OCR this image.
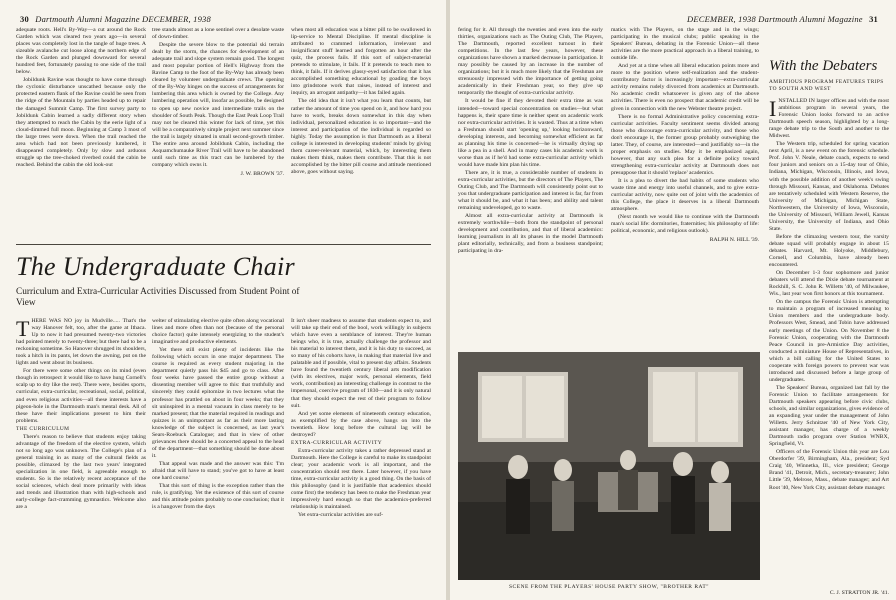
30 Dartmouth Alumni Magazine DECEMBER, 1938

adequate roots. Hell's By-Way—a cut around the Rock Garden which was cleared two years ago—in several places was completely lost in the tangle of huge trees. A sizeable avalanche cut loose along the northern edge of the Rock Garden and plunged downward for several hundred feet, fortunately passing to one side of the trail below.

Jobildunk Ravine was thought to have come through the cyclonic disturbance unscathed because only the protected eastern flank of the Ravine could be seen from the ridge of the Mountain by parties headed up to repair the damaged Summit Camp. The first survey party to Jobildunk Cabin learned a sadly different story when they attempted to reach the Cabin by the eerie light of a cloud-dimmed full moon. Beginning at Camp 3 most of the large trees were down. When the trail reached the area which had not been previously lumbered, it disappeared completely. Only by slow and arduous struggle up the tree-choked riverbed could the cabin be reached. Behind the cabin the old look-out

tree stands almost as a lone sentinel over a desolate waste of down-timber.

Despite the severe blow to the potential ski terrain dealt by the storm, the chances for development of an adequate trail and slope system remain good. The longest and most popular portion of Hell's Highway from the Ravine Camp to the foot of the By-Way has already been cleared by volunteer undergraduate crews. The opening of the By-Way hinges on the success of arrangements for lumbering this area which is owned by the College. Any lumbering operation will, insofar as possible, be designed to open up new novice and intermediate trails on the shoulder of South Peak. Though the East Peak Loop Trail may not be cleared this winter for lack of time, yet this will be a comparatively simple project next summer since the trail is largely situated in small second-growth timber. The entire area around Jobildunk Cabin, including the Asquamchumauke River Trail will have to be abandoned until such time as this tract can be lumbered by the company which owns it.

J. W. BROWN '37.

when most all education was a bitter pill to be swallowed in lip-service to Mental Discipline. If mental discipline is attributed to crammed information, irrelevant and insignificant stuff learned and forgotten an hour after the quiz, the process fails. If this sort of subject-material pretends to stimulate, it fails. If it pretends to teach men to think, it fails. If it derives glassy-eyed satisfaction that it has accomplished something educational by goading the boys into grindstone work that raises, instead of interest and inquiry, an arrogant antipathy—it has failed again.

The old idea that it isn't what you learn that counts, but rather the amount of time you spend on it, and how hard you have to work, breaks down somewhat in this day when individual, personalized education is so important—and the interest and participation of the individual is regarded so highly. Today the assumption is that Dartmouth as a liberal college is interested in developing students' minds by giving them career-relevant material, which, by interesting them makes them think, makes them contribute. That this is not accomplished by the bitter pill course and attitude mentioned above, goes without saying.

The Undergraduate Chair
Curriculum and Extra-Curricular Activities Discussed from Student Point of View

THERE WAS NO joy in Mudville..... That's the way Hanover felt, too, after the game at Ithaca. Up to now it had presumed twenty-two victories had pointed merely to twenty-three; but there had to be a reckoning sometime. So Hanover shrugged its shoulders, took a hitch in its pants, let down the awning, put on the lights and went about its business.

For there were some other things on its mind (even though in retrospect it would like to have hung Cornell's scalp up to dry like the rest). There were, besides sports, curricular, extra-curricular, recreational, social, political, and even religious activities—all these interests have a pigeon-hole in the Dartmouth man's mental desk. All of these have their implications present to him their problems.

THE CURRICULUM

There's reason to believe that students enjoy taking advantage of the freedom of the elective system, which not so long ago was unknown. The College's plan of a general training in as many of the cultural fields as possible, climaxed by the last two years' integrated specialization in one field, is agreeable enough to students. So is the relatively recent acceptance of the social sciences, which deal more primarily with ideas and trends and illustration than with high-schools and early-college fact-cramming gymnastics. Welcome also are a

welter of stimulating elective quite often along vocational lines and more often than not (because of the personal choice factor) quite intensely energizing to the student's imaginative and productive elements.

Yet there still exist plenty of incidents like the following which occurs in one major department. The course is required as every student majoring in the department quietly pass his $45 and go to class. After four weeks have passed the entire group without a dissenting member will agree to this: that truthfully and sincerely they could epitomize in two lectures what the professor has prattled on about in four weeks; that they sit uninspired in a mental vacuum in class merely to be marked present; that the material required in readings and quizzes is an unimportant as far as their more lasting knowledge of the subject is concerned, as last year's Sears-Roebuck Catalogue; and that in view of other grievances there should be a concerted appeal to the head of the department—that something should be done about it.

That appeal was made and the answer was this: 'I'm afraid that will have to stand; you've got to have at least one hard course.'

That this sort of thing is the exception rather than the rule, is gratifying. Yet the existence of this sort of course and this attitude points probably to one conclusion; that it is a hangover from the days

It isn't sheer madness to assume that students expect to, and will take up their end of the bool, work willingly in subjects which have even a semblance of interest. They're human beings who, it is true, actually challenge the professor and his material to interest them, and it is his duty to succeed, as so many of his cohorts have, in making that material live and palatable and if possible, vital to present day affairs. Students have found the twentieth century liberal arts modification (with its electives, major work, personal elements, field work, contribution) an interesting challenge in contrast to the impersonal, coercive program of 1830—and it is only natural that they should expect the rest of their program to follow suit.

And yet some elements of nineteenth century education, as exemplified by the case above, hangs on into the twentieth. How long before the cultural lag will be destroyed?

EXTRA-CURRICULAR ACTIVITY

Extra-curricular activity takes a rather depressed stand at Dartmouth. Here the College is careful to make its standpoint clear; your academic work is all important, and the concentration should rest there. Later however, if you have time, extra-curricular activity is a good thing. On the basis of this philosophy (and it is justifiable that academics should come first) the tendency has been to make the Freshman year impressively hard enough so that the academics-preferred relationship is maintained.

Yet extra-curricular activities are suf-

DECEMBER, 1938 Dartmouth Alumni Magazine 31

fering for it. All through the twenties and even into the early thirties, organizations such as The Outing Club, The Players, The Dartmouth, reported excellent turnout in their competitions. In the last few years, however, these organizations have shown a marked decrease in participation. It may possibly be caused by an increase in the number of organizations; but it is much more likely that the Freshman are strenuously impressed with the importance of getting going academically in their Freshman year, so they give up temporarily the thought of extra-curricular activity.

It would be fine if they devoted their extra time as was intended—toward special concentration on studies—but what happens is, their spare time is neither spent on academic work nor extra-curricular activities. It is wasted. Thus at a time when a Freshman should start 'opening up,' looking horizonward, developing interests, and becoming somewhat efficient as far as planning his time is concerned—he is virtually drying up like a pea in a shell. And in many cases his academic work is worse than as if he'd had some extra-curricular activity which would have made him plan his time.

There are, it is true, a considerable number of students in extra-curricular activities, but the directors of The Players, The Outing Club, and The Dartmouth will consistently point out to you that undergraduate participation and interest is far, far from what it should be, and what it has been; and ability and talent remaining undeveloped, go to waste.

Almost all extra-curricular activity at Dartmouth is extremely worthwhile—both from the standpoint of personal development and contribution, and that of liberal academics: learning journalism in all its phases in the model Dartmouth plant editorially, technically, and from a business standpoint; participating in dra-

matics with The Players, on the stage and in the wings; participating in the musical clubs; public speaking in the Speakers' Bureau, debating in the Forensic Union—all these activities are the more practical approach in a liberal training, to outside life.

And yet at a time when all liberal education points more and more to the position where self-realization and the student-contributory factor is increasingly important—extra-curricular activity remains rudely divorced from academics at Dartmouth. No academic credit whatsoever is given any of the above activities. There is even no prospect that academic credit will be given in connection with the new Webster theatre project.

There is no formal Administrative policy concerning extra-curricular activities. Faculty sentiment seems divided among those who discourage extra-curricular activity, and those who don't encourage it, the former group probably outweighing the latter. They, of course, are interested—and justifiably so—in the proper emphasis on studies. May it be emphasized again, however, that any such plea for a definite policy toward strengthening extra-curricular activity at Dartmouth does not presuppose that it should 'replace' academics.

It is a plea to divert the bad habits of some students who waste time and energy into useful channels, and to give extra-curricular activity, now quite out of joint with the academics of this College, the place it deserves in a liberal Dartmouth atmosphere.

(Next month we would like to continue with the Dartmouth man's social life: dormitories, fraternities; his philosophy of life: political, economic, and religious outlook).

RALPH N. HILL '39.
With the Debaters
AMBITIOUS PROGRAM FEATURES TRIPS TO SOUTH AND WEST

INSTALLED IN larger offices and with the most ambitious program in several years, the Forensic Union looks forward to an active Dartmouth speech season, highlighted by a long-range debate trip to the South and another to the Midwest.

The Western trip, scheduled for spring vacation next April, is a new event on the forensic schedule. Prof. John V. Neale, debate coach, expects to send four juniors and seniors on a 15-day tour of Ohio, Indiana, Michigan, Wisconsin, Illinois, and Iowa, with the possible addition of another week's swing through Missouri, Kansas, and Oklahoma. Debates are tentatively scheduled with Western Reserve, the University of Michigan, Michigan State, Northwestern, the University of Iowa, Wisconsin, the University of Missouri, William Jewell, Kansas University, the University of Indiana, and Ohio State.

Before the climaxing western tour, the varsity debate squad will probably engage in about 15 debates. Harvard, Mt. Holyoke, Middlebury, Cornell, and Columbia, have already been encountered.

On December 1-3 four sophomore and junior debaters will attend the Dixie debate tournament at Rockhill, S. C. John R. Willetts '40, of Milwaukee, Wis., last year won first honors at this tournament.

On the campus the Forensic Union is attempting to maintain a program of increased meaning to Union members and the undergraduate body. Professors West, Smead, and Tobin have addressed early meetings of the Union. On November 8 the Forensic Union, cooperating with the Dartmouth Peace Council in pre-Armistice Day activities, conducted a miniature House of Representatives, in which a bill calling for the United States to cooperate with foreign powers to prevent war was introduced and discussed before a large group of undergraduates.

The Speakers' Bureau, organized last fall by the Forensic Union to facilitate arrangements for Dartmouth speakers appearing before civic clubs, schools, and similar organizations, gives evidence of an expanding year under the management of John Willetts. Jerry Schnitzer '40 of New York City, assistant manager, has charge of a weekly Dartmouth radio program over Station WNBX, Springfield, Vt.

Officers of the Forensic Union this year are Lou Oberdorfer '39, Birmingham, Ala., president; Syd Craig '40, Winnetka, Ill., vice president; George Brand '41, Detroit, Mich., secretary-treasurer; John Little '39, Melrose, Mass., debate manager; and Art Root '40, New York City, assistant debate manager.

C. J. STRATTON JR. '41.
SCENE FROM THE PLAYERS' HOUSE PARTY SHOW, "BROTHER RAT"
